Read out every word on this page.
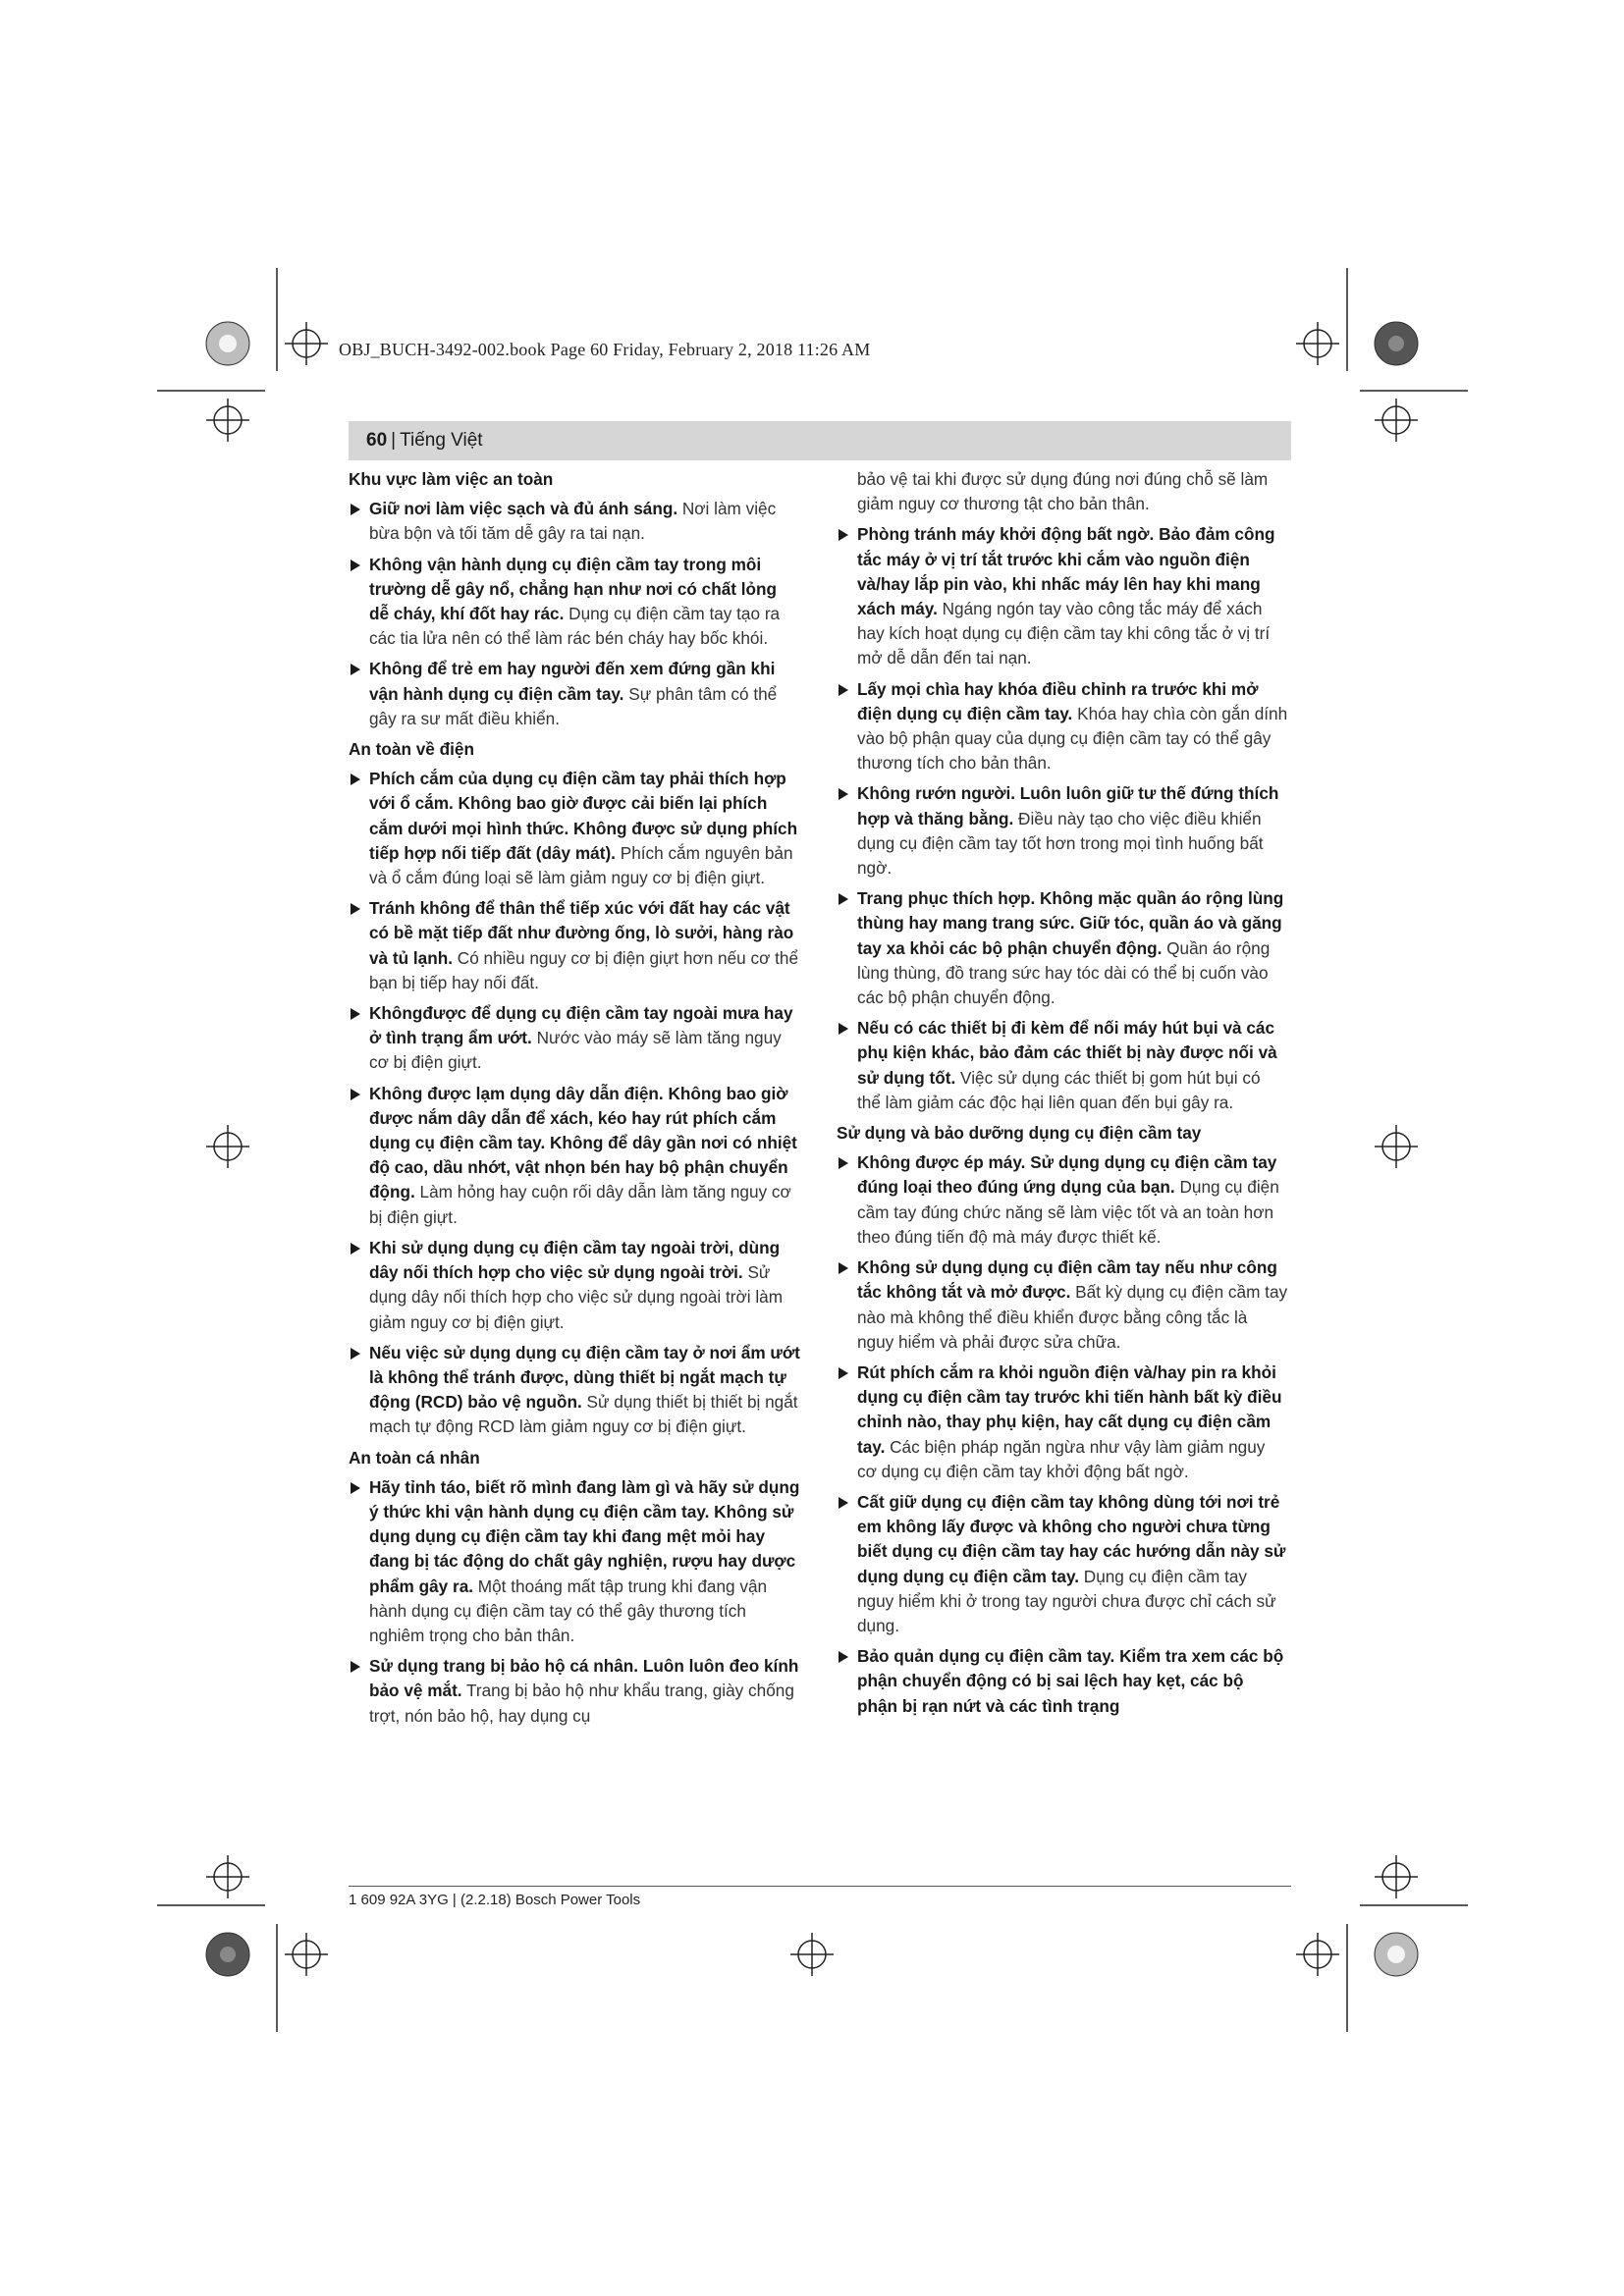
OBJ_BUCH-3492-002.book Page 60 Friday, February 2, 2018 11:26 AM
60 | Tiếng Việt
Khu vực làm việc an toàn
Giữ nơi làm việc sạch và đủ ánh sáng. Nơi làm việc bừa bộn và tối tăm dễ gây ra tai nạn.
Không vận hành dụng cụ điện cầm tay trong môi trường dễ gây nổ, chẳng hạn như nơi có chất lỏng dễ cháy, khí đốt hay rác. Dụng cụ điện cầm tay tạo ra các tia lửa nên có thể làm rác bén cháy hay bốc khói.
Không để trẻ em hay người đến xem đứng gần khi vận hành dụng cụ điện cầm tay. Sự phân tâm có thể gây ra sư mất điều khiển.
An toàn về điện
Phích cắm của dụng cụ điện cầm tay phải thích hợp với ổ cắm. Không bao giờ được cải biến lại phích cắm dưới mọi hình thức. Không được sử dụng phích tiếp hợp nối tiếp đất (dây mát). Phích cắm nguyên bản và ổ cắm đúng loại sẽ làm giảm nguy cơ bị điện giựt.
Tránh không để thân thể tiếp xúc với đất hay các vật có bề mặt tiếp đất như đường ống, lò sưởi, hàng rào và tủ lạnh. Có nhiều nguy cơ bị điện giựt hơn nếu cơ thể bạn bị tiếp hay nối đất.
Khôngđược để dụng cụ điện cầm tay ngoài mưa hay ở tình trạng ẩm ướt. Nước vào máy sẽ làm tăng nguy cơ bị điện giựt.
Không được lạm dụng dây dẫn điện. Không bao giờ được nắm dây dẫn để xách, kéo hay rút phích cắm dụng cụ điện cầm tay. Không để dây gần nơi có nhiệt độ cao, dầu nhớt, vật nhọn bén hay bộ phận chuyển động. Làm hỏng hay cuộn rối dây dẫn làm tăng nguy cơ bị điện giựt.
Khi sử dụng dụng cụ điện cầm tay ngoài trời, dùng dây nối thích hợp cho việc sử dụng ngoài trời. Sử dụng dây nối thích hợp cho việc sử dụng ngoài trời làm giảm nguy cơ bị điện giựt.
Nếu việc sử dụng dụng cụ điện cầm tay ở nơi ẩm ướt là không thể tránh được, dùng thiết bị ngắt mạch tự động (RCD) bảo vệ nguồn. Sử dụng thiết bị thiết bị ngắt mạch tự động RCD làm giảm nguy cơ bị điện giựt.
An toàn cá nhân
Hãy tỉnh táo, biết rõ mình đang làm gì và hãy sử dụng ý thức khi vận hành dụng cụ điện cầm tay. Không sử dụng dụng cụ điện cầm tay khi đang mệt mỏi hay đang bị tác động do chất gây nghiện, rượu hay dược phẩm gây ra. Một thoáng mất tập trung khi đang vận hành dụng cụ điện cầm tay có thể gây thương tích nghiêm trọng cho bản thân.
Sử dụng trang bị bảo hộ cá nhân. Luôn luôn đeo kính bảo vệ mắt. Trang bị bảo hộ như khẩu trang, giày chống trợt, nón bảo hộ, hay dụng cụ
bảo vệ tai khi được sử dụng đúng nơi đúng chỗ sẽ làm giảm nguy cơ thương tật cho bản thân.
Phòng tránh máy khởi động bất ngờ. Bảo đảm công tắc máy ở vị trí tắt trước khi cắm vào nguồn điện và/hay lắp pin vào, khi nhấc máy lên hay khi mang xách máy. Ngáng ngón tay vào công tắc máy để xách hay kích hoạt dụng cụ điện cầm tay khi công tắc ở vị trí mở dễ dẫn đến tai nạn.
Lấy mọi chìa hay khóa điều chỉnh ra trước khi mở điện dụng cụ điện cầm tay. Khóa hay chìa còn gắn dính vào bộ phận quay của dụng cụ điện cầm tay có thể gây thương tích cho bản thân.
Không rướn người. Luôn luôn giữ tư thế đứng thích hợp và thăng bằng. Điều này tạo cho việc điều khiển dụng cụ điện cầm tay tốt hơn trong mọi tình huống bất ngờ.
Trang phục thích hợp. Không mặc quần áo rộng lùng thùng hay mang trang sức. Giữ tóc, quần áo và găng tay xa khỏi các bộ phận chuyển động. Quần áo rộng lùng thùng, đồ trang sức hay tóc dài có thể bị cuốn vào các bộ phận chuyển động.
Nếu có các thiết bị đi kèm để nối máy hút bụi và các phụ kiện khác, bảo đảm các thiết bị này được nối và sử dụng tốt. Việc sử dụng các thiết bị gom hút bụi có thể làm giảm các độc hại liên quan đến bụi gây ra.
Sử dụng và bảo dưỡng dụng cụ điện cầm tay
Không được ép máy. Sử dụng dụng cụ điện cầm tay đúng loại theo đúng ứng dụng của bạn. Dụng cụ điện cầm tay đúng chức năng sẽ làm việc tốt và an toàn hơn theo đúng tiến độ mà máy được thiết kế.
Không sử dụng dụng cụ điện cầm tay nếu như công tắc không tắt và mở được. Bất kỳ dụng cụ điện cầm tay nào mà không thể điều khiển được bằng công tắc là nguy hiểm và phải được sửa chữa.
Rút phích cắm ra khỏi nguồn điện và/hay pin ra khỏi dụng cụ điện cầm tay trước khi tiến hành bất kỳ điều chỉnh nào, thay phụ kiện, hay cất dụng cụ điện cầm tay. Các biện pháp ngăn ngừa như vậy làm giảm nguy cơ dụng cụ điện cầm tay khởi động bất ngờ.
Cất giữ dụng cụ điện cầm tay không dùng tới nơi trẻ em không lấy được và không cho người chưa từng biết dụng cụ điện cầm tay hay các hướng dẫn này sử dụng dụng cụ điện cầm tay. Dụng cụ điện cầm tay nguy hiểm khi ở trong tay người chưa được chỉ cách sử dụng.
Bảo quản dụng cụ điện cầm tay. Kiểm tra xem các bộ phận chuyển động có bị sai lệch hay kẹt, các bộ phận bị rạn nứt và các tình trạng
1 609 92A 3YG | (2.2.18) Bosch Power Tools
